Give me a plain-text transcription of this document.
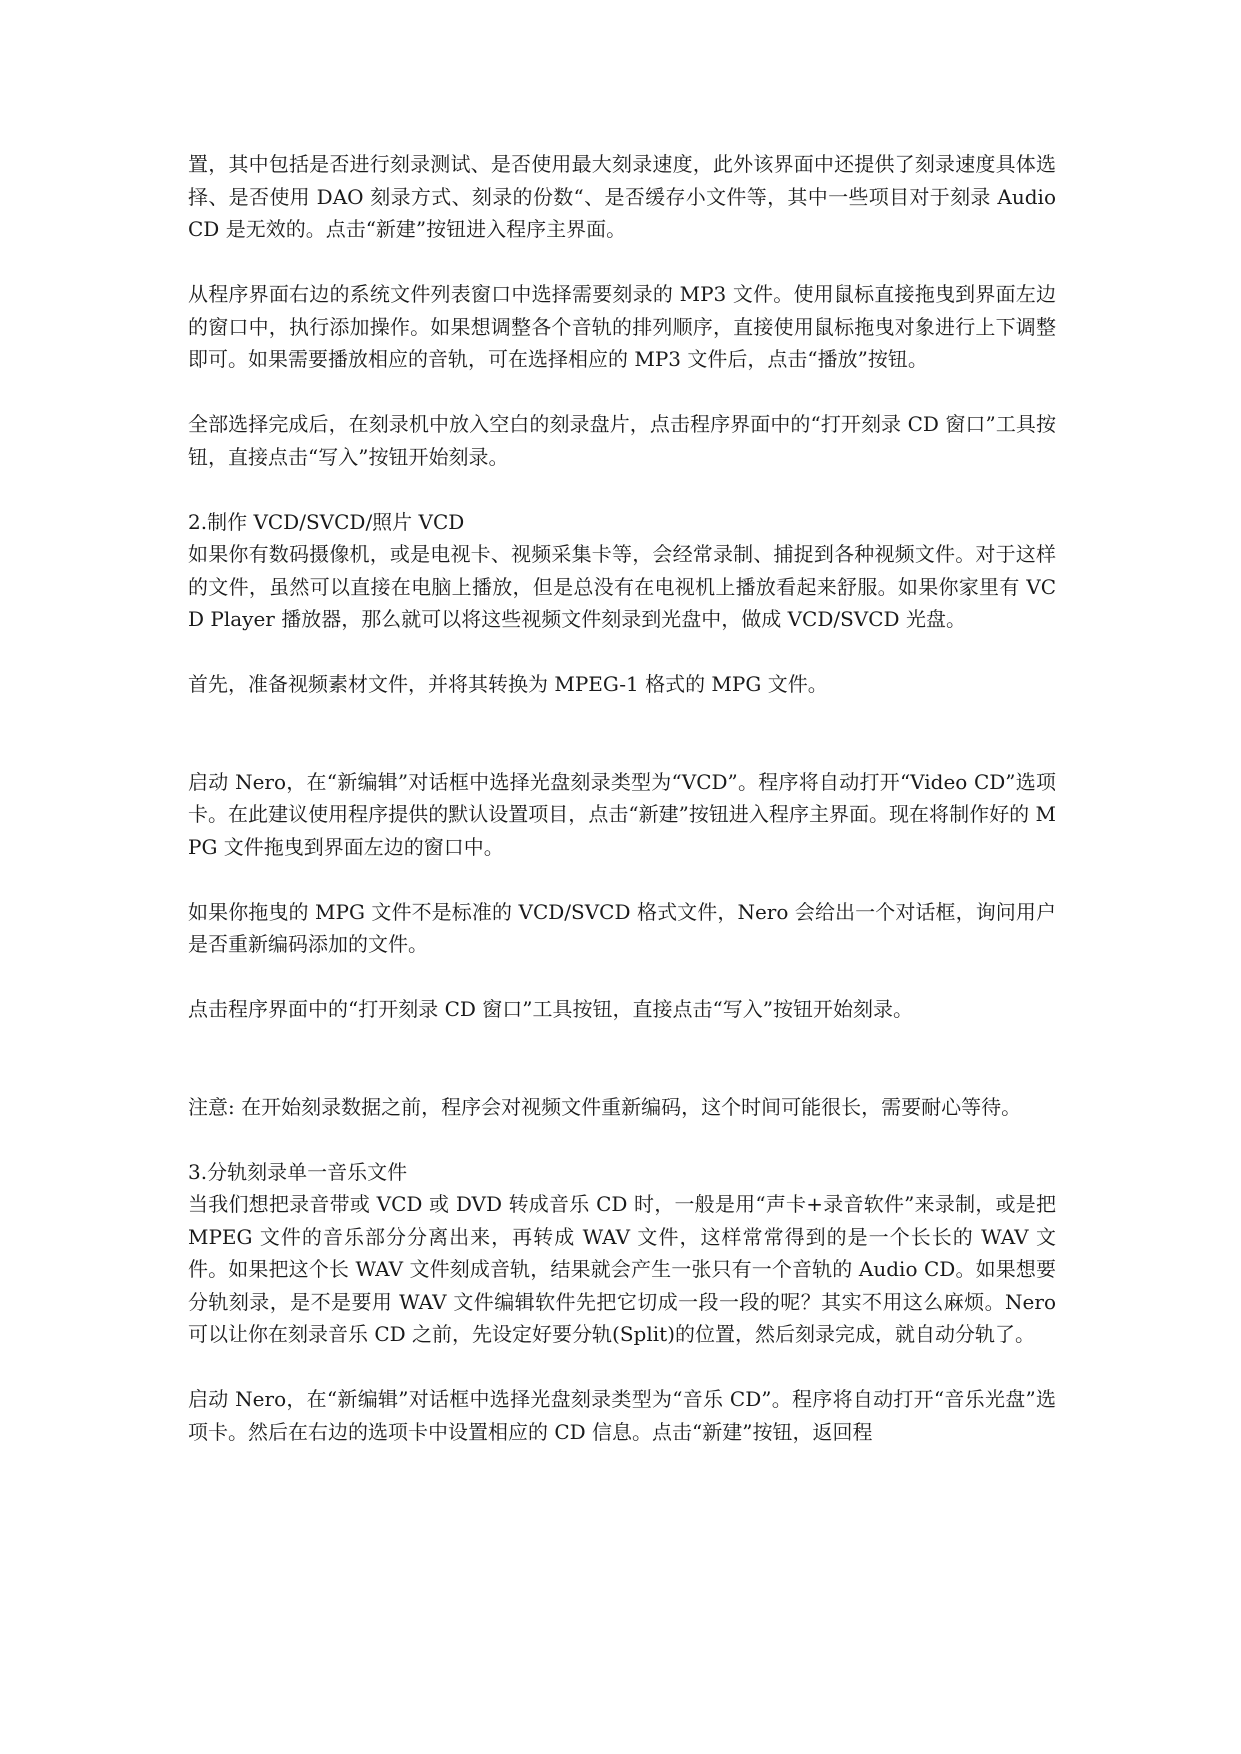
置，其中包括是否进行刻录测试、是否使用最大刻录速度，此外该界面中还提供了刻录速度具体选择、是否使用 DAO 刻录方式、刻录的份数“、是否缓存小文件等，其中一些项目对于刻录 Audio CD 是无效的。点击“新建”按钮进入程序主界面。

从程序界面右边的系统文件列表窗口中选择需要刻录的 MP3 文件。使用鼠标直接拖曳到界面左边的窗口中，执行添加操作。如果想调整各个音轨的排列顺序，直接使用鼠标拖曳对象进行上下调整即可。如果需要播放相应的音轨，可在选择相应的 MP3 文件后，点击“播放”按钮。

全部选择完成后，在刻录机中放入空白的刻录盘片，点击程序界面中的“打开刻录 CD 窗口”工具按钮，直接点击“写入”按钮开始刻录。

2.制作 VCD/SVCD/照片 VCD

如果你有数码摄像机，或是电视卡、视频采集卡等，会经常录制、捕捉到各种视频文件。对于这样的文件，虽然可以直接在电脑上播放，但是总没有在电视机上播放看起来舒服。如果你家里有 VCD Player 播放器，那么就可以将这些视频文件刻录到光盘中，做成 VCD/SVCD 光盘。

首先，准备视频素材文件，并将其转换为 MPEG-1 格式的 MPG 文件。

启动 Nero，在“新编辑”对话框中选择光盘刻录类型为“VCD”。程序将自动打开“Video CD”选项卡。在此建议使用程序提供的默认设置项目，点击“新建”按钮进入程序主界面。现在将制作好的 MPG 文件拖曳到界面左边的窗口中。

如果你拖曳的 MPG 文件不是标准的 VCD/SVCD 格式文件，Nero 会给出一个对话框，询问用户是否重新编码添加的文件。

点击程序界面中的“打开刻录 CD 窗口”工具按钮，直接点击“写入”按钮开始刻录。

注意: 在开始刻录数据之前，程序会对视频文件重新编码，这个时间可能很长，需要耐心等待。

3.分轨刻录单一音乐文件

当我们想把录音带或 VCD 或 DVD 转成音乐 CD 时，一般是用“声卡+录音软件”来录制，或是把 MPEG 文件的音乐部分分离出来，再转成 WAV 文件，这样常常得到的是一个长长的 WAV 文件。如果把这个长 WAV 文件刻成音轨，结果就会产生一张只有一个音轨的 Audio CD。如果想要分轨刻录，是不是要用 WAV 文件编辑软件先把它切成一段一段的呢？其实不用这么麻烦。Nero 可以让你在刻录音乐 CD 之前，先设定好要分轨(Split)的位置，然后刻录完成，就自动分轨了。

启动 Nero，在“新编辑”对话框中选择光盘刻录类型为“音乐 CD”。程序将自动打开“音乐光盘”选项卡。然后在右边的选项卡中设置相应的 CD 信息。点击“新建”按钮，返回程
